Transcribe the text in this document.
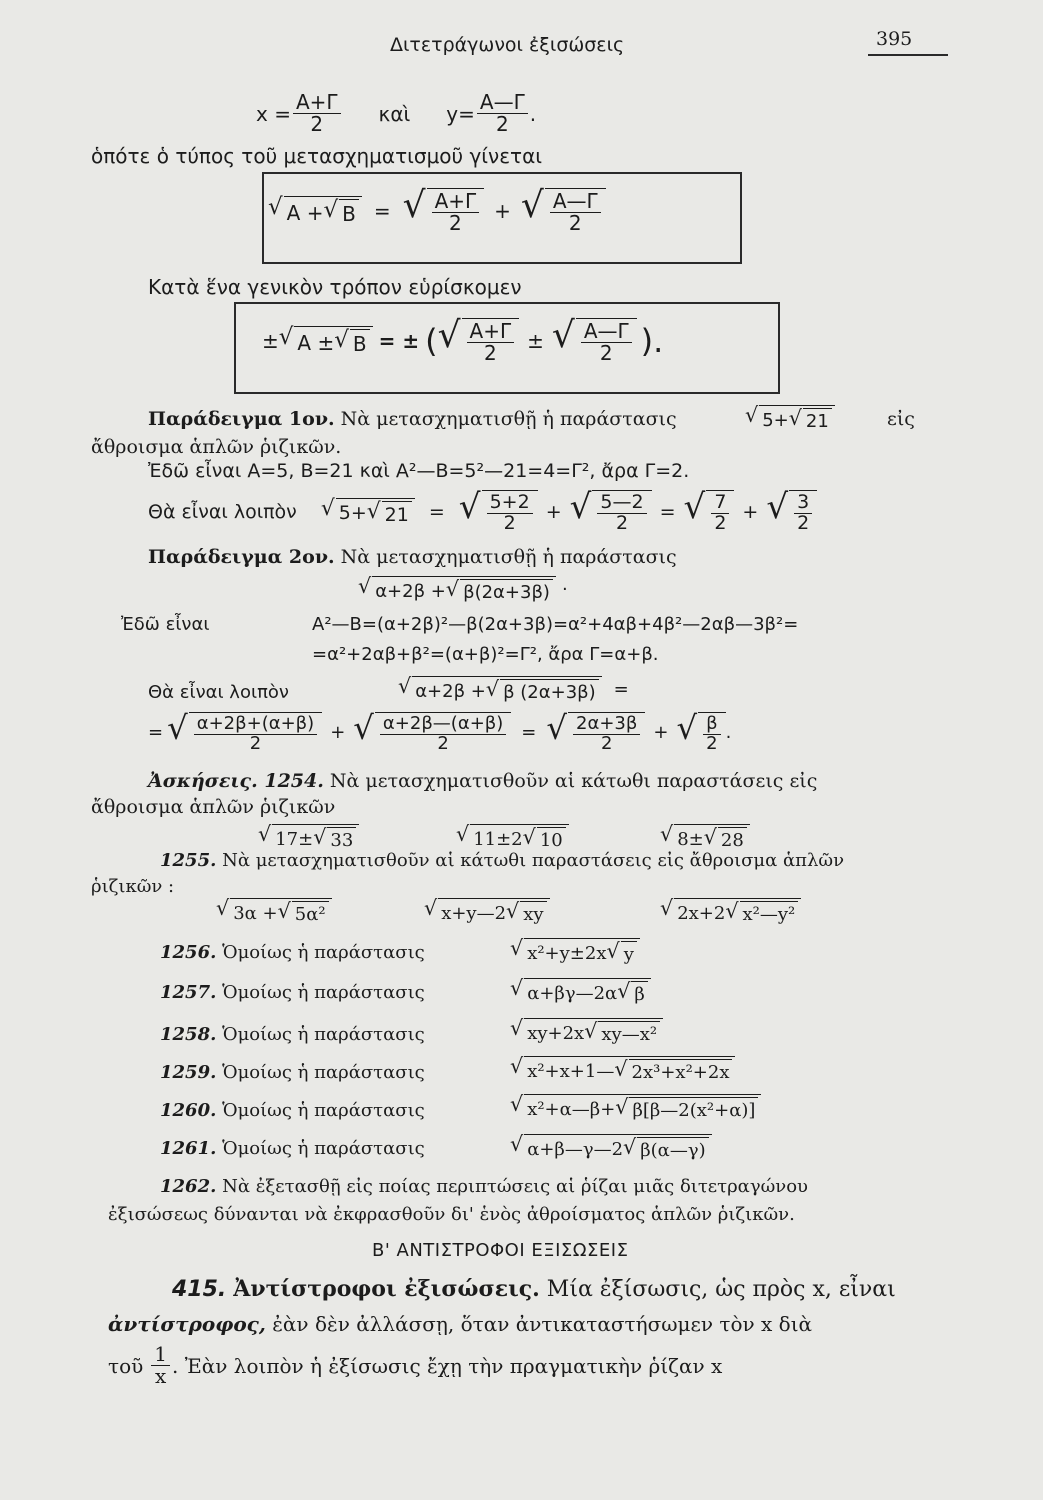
Διτετράγωνοι ἐξισώσεις	395
$x = \frac{A+\Gamma}{2}$ καὶ $y= \frac{A—\Gamma}{2}$ .
ὁπότε ὁ τύπος τοῦ μετασχηματισμοῦ γίνεται
√ Α + √ Β = √ $\frac{A+\Gamma}{2}$ + √ $\frac{A—\Gamma}{2}$
Κατὰ ἕνα γενικὸν τρόπον εὑρίσκομεν
± √ Α ± √ Β = ± ( √ $\frac{A+\Gamma}{2}$ ± √ $\frac{A—\Gamma}{2}$ ).
Παράδειγμα 1ον. Νὰ μετασχηματισθῇ ἡ παράστασις	√ 5+ √ 21	εἰς
ἄθροισμα ἁπλῶν ῥιζικῶν.
Ἐδῶ εἶναι Α=5, Β=21 καὶ Α²—Β=5²—21=4=Γ², ἄρα Γ=2.
Θὰ εἶναι λοιπὸν √ 5+ √ 21 = √ $\frac{5+2}{2}$ + √ $\frac{5—2}{2}$ = √ $\frac{7}{2}$ + √ $\frac{3}{2}$
Παράδειγμα 2ον. Νὰ μετασχηματισθῇ ἡ παράστασις
√ α+2β + √ β(2α+3β) ·
Ἐδῶ εἶναι	Α²—Β=(α+2β)²—β(2α+3β)=α²+4αβ+4β²—2αβ—3β²=
=α²+2αβ+β²=(α+β)²=Γ², ἄρα Γ=α+β.
Θὰ εἶναι λοιπὸν	√ α+2β + √ β (2α+3β) =
= √ $\frac{\alpha+2\beta+(\alpha+\beta)}{2}$ + √ $\frac{\alpha+2\beta—(\alpha+\beta)}{2}$ = √ $\frac{2\alpha+3\beta}{2}$ + √ $\frac{\beta}{2}$ .
Ἀσκήσεις. 1254. Νὰ μετασχηματισθοῦν αἱ κάτωθι παραστάσεις εἰς
ἄθροισμα ἁπλῶν ῥιζικῶν
√ 17± √ 33	√ 11±2 √ 10	√ 8± √ 28
1255. Νὰ μετασχηματισθοῦν αἱ κάτωθι παραστάσεις εἰς ἄθροισμα ἁπλῶν
ῥιζικῶν :
√ 3α + √ 5α²	√ x+y—2 √ xy	√ 2x+2 √ x²—y²
1256. Ὁμοίως ἡ παράστασις	√ x²+y±2x √ y
1257. Ὁμοίως ἡ παράστασις	√ α+βγ—2α √ β
1258. Ὁμοίως ἡ παράστασις	√ xy+2x √ xy—x²
1259. Ὁμοίως ἡ παράστασις	√ x²+x+1— √ 2x³+x²+2x
1260. Ὁμοίως ἡ παράστασις	√ x²+α—β+ √ β[β—2(x²+α)]
1261. Ὁμοίως ἡ παράστασις	√ α+β—γ—2 √ β(α—γ)
1262. Νὰ ἐξετασθῇ εἰς ποίας περιπτώσεις αἱ ῥίζαι μιᾶς διτετραγώνου
ἐξισώσεως δύνανται νὰ ἐκφρασθοῦν δι' ἑνὸς ἀθροίσματος ἁπλῶν ῥιζικῶν.
Β' ΑΝΤΙΣΤΡΟΦΟΙ ΕΞΙΣΩΣΕΙΣ
415. Ἀντίστροφοι ἐξισώσεις. Μία ἐξίσωσις, ὡς πρὸς x, εἶναι
ἀντίστροφος, ἐὰν δὲν ἀλλάσσῃ, ὅταν ἀντικαταστήσωμεν τὸν x διὰ
τοῦ $\frac{1}{x}$ . Ἐὰν λοιπὸν ἡ ἐξίσωσις ἔχῃ τὴν πραγματικὴν ῥίζαν x
